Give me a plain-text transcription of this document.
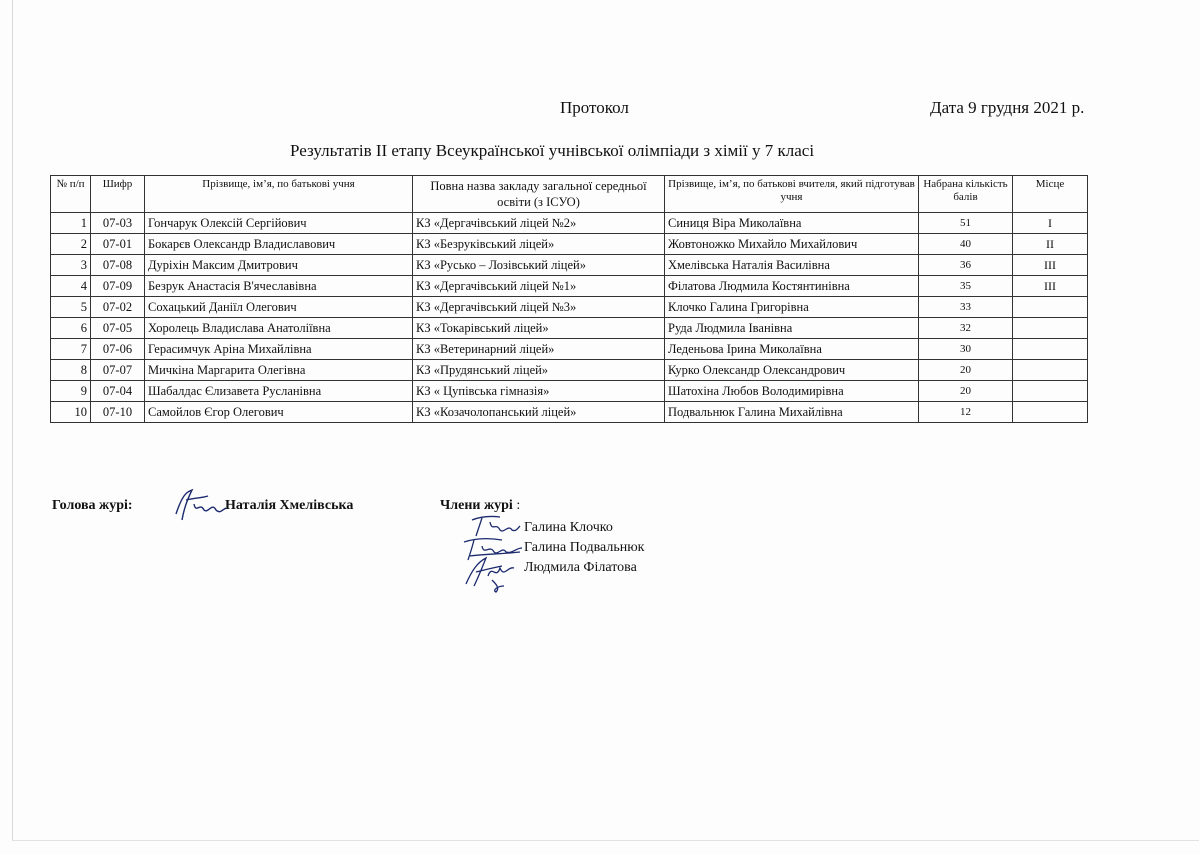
Протокол	Дата 9 грудня 2021 р.
Результатів ІІ етапу Всеукраїнської учнівської олімпіади з хімії у 7 класі
№ п/п	Шифр	Прізвище, ім’я, по батькові учня	Повна назва закладу загальної середньої освіти (з ІСУО)	Прізвище, ім’я, по батькові вчителя, який підготував учня	Набрана кількість балів	Місце
1	07-03	Гончарук Олексій Сергійович	КЗ «Дергачівський ліцей №2»	Синиця Віра Миколаївна	51	І
2	07-01	Бокарєв Олександр Владиславович	КЗ «Безруківський ліцей»	Жовтоножко Михайло Михайлович	40	ІІ
3	07-08	Дуріхін Максим Дмитрович	КЗ «Русько – Лозівський ліцей»	Хмелівська Наталія Василівна	36	ІІІ
4	07-09	Безрук Анастасія В'ячеславівна	КЗ «Дергачівський ліцей №1»	Філатова Людмила Костянтинівна	35	ІІІ
5	07-02	Сохацький Даніїл Олегович	КЗ «Дергачівський ліцей №3»	Клочко Галина Григорівна	33	
6	07-05	Хоролець Владислава Анатоліївна	КЗ «Токарівський ліцей»	Руда Людмила Іванівна	32	
7	07-06	Герасимчук Аріна Михайлівна	КЗ «Ветеринарний ліцей»	Леденьова Ірина Миколаївна	30	
8	07-07	Мичкіна Маргарита Олегівна	КЗ «Прудянський ліцей»	Курко Олександр Олександрович	20	
9	07-04	Шабалдас Єлизавета Русланівна	КЗ « Цупівська гімназія»	Шатохіна Любов Володимирівна	20	
10	07-10	Самойлов Єгор Олегович	КЗ «Козачолопанський ліцей»	Подвальнюк Галина Михайлівна	12	
Голова журі:	Наталія Хмелівська	Члени журі :
Галина Клочко
Галина Подвальнюк
Людмила Філатова
